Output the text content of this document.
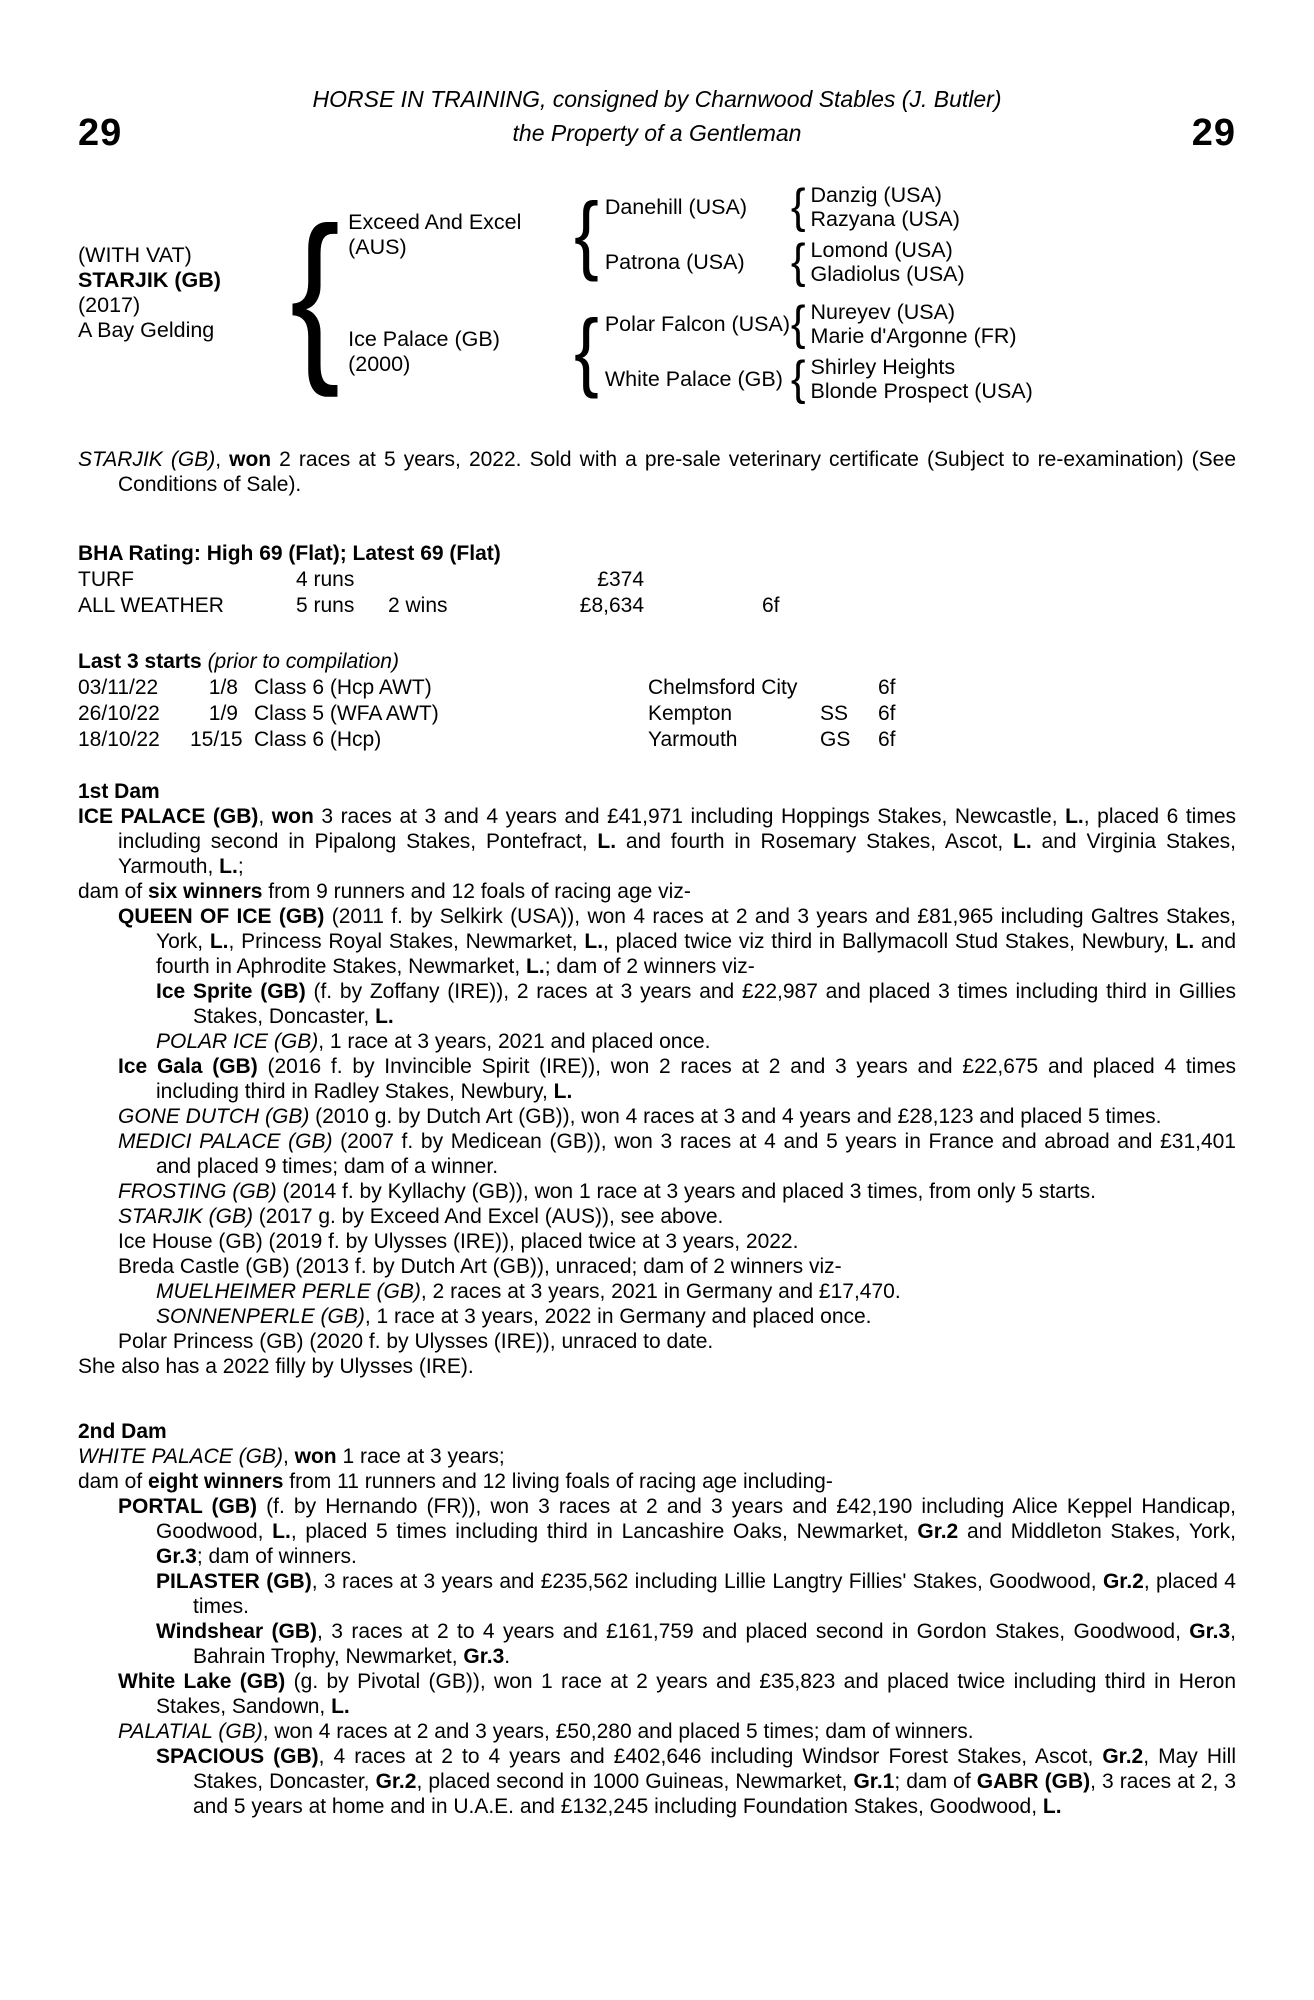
HORSE IN TRAINING, consigned by Charnwood Stables (J. Butler)
29	the Property of a Gentleman	29
(WITH VAT)
STARJIK (GB)
(2017)
A Bay Gelding { Exceed And Excel (AUS)	{ Danehill (USA) { Danzig (USA)
Razyana (USA)
Patrona (USA)	{ Lomond (USA)
Gladiolus (USA)
Ice Palace (GB)
(2000)	{ Polar Falcon (USA) { Nureyev (USA)
Marie d'Argonne (FR)
White Palace (GB) { Shirley Heights
Blonde Prospect (USA)
STARJIK (GB), won 2 races at 5 years, 2022. Sold with a pre-sale veterinary certificate (Subject to re-examination) (See Conditions of Sale).
BHA Rating: High 69 (Flat); Latest 69 (Flat)
TURF	4 runs	£374
ALL WEATHER	5 runs	2 wins	£8,634	6f
Last 3 starts (prior to compilation)
03/11/22	1/8 Class 6 (Hcp AWT)	Chelmsford City	6f
26/10/22	1/9 Class 5 (WFA AWT)	Kempton	SS	6f
18/10/22	15/15 Class 6 (Hcp)	Yarmouth	GS	6f
1st Dam
ICE PALACE (GB), won 3 races at 3 and 4 years and £41,971 including Hoppings Stakes, Newcastle, L., placed 6 times including second in Pipalong Stakes, Pontefract, L. and fourth in Rosemary Stakes, Ascot, L. and Virginia Stakes, Yarmouth, L.;
dam of six winners from 9 runners and 12 foals of racing age viz-
QUEEN OF ICE (GB) (2011 f. by Selkirk (USA)), won 4 races at 2 and 3 years and £81,965 including Galtres Stakes, York, L., Princess Royal Stakes, Newmarket, L., placed twice viz third in Ballymacoll Stud Stakes, Newbury, L. and fourth in Aphrodite Stakes, Newmarket, L.; dam of 2 winners viz-
Ice Sprite (GB) (f. by Zoffany (IRE)), 2 races at 3 years and £22,987 and placed 3 times including third in Gillies Stakes, Doncaster, L.
POLAR ICE (GB), 1 race at 3 years, 2021 and placed once.
Ice Gala (GB) (2016 f. by Invincible Spirit (IRE)), won 2 races at 2 and 3 years and £22,675 and placed 4 times including third in Radley Stakes, Newbury, L.
GONE DUTCH (GB) (2010 g. by Dutch Art (GB)), won 4 races at 3 and 4 years and £28,123 and placed 5 times.
MEDICI PALACE (GB) (2007 f. by Medicean (GB)), won 3 races at 4 and 5 years in France and abroad and £31,401 and placed 9 times; dam of a winner.
FROSTING (GB) (2014 f. by Kyllachy (GB)), won 1 race at 3 years and placed 3 times, from only 5 starts.
STARJIK (GB) (2017 g. by Exceed And Excel (AUS)), see above.
Ice House (GB) (2019 f. by Ulysses (IRE)), placed twice at 3 years, 2022.
Breda Castle (GB) (2013 f. by Dutch Art (GB)), unraced; dam of 2 winners viz-
MUELHEIMER PERLE (GB), 2 races at 3 years, 2021 in Germany and £17,470.
SONNENPERLE (GB), 1 race at 3 years, 2022 in Germany and placed once.
Polar Princess (GB) (2020 f. by Ulysses (IRE)), unraced to date.
She also has a 2022 filly by Ulysses (IRE).
2nd Dam
WHITE PALACE (GB), won 1 race at 3 years;
dam of eight winners from 11 runners and 12 living foals of racing age including-
PORTAL (GB) (f. by Hernando (FR)), won 3 races at 2 and 3 years and £42,190 including Alice Keppel Handicap, Goodwood, L., placed 5 times including third in Lancashire Oaks, Newmarket, Gr.2 and Middleton Stakes, York, Gr.3; dam of winners.
PILASTER (GB), 3 races at 3 years and £235,562 including Lillie Langtry Fillies' Stakes, Goodwood, Gr.2, placed 4 times.
Windshear (GB), 3 races at 2 to 4 years and £161,759 and placed second in Gordon Stakes, Goodwood, Gr.3, Bahrain Trophy, Newmarket, Gr.3.
White Lake (GB) (g. by Pivotal (GB)), won 1 race at 2 years and £35,823 and placed twice including third in Heron Stakes, Sandown, L.
PALATIAL (GB), won 4 races at 2 and 3 years, £50,280 and placed 5 times; dam of winners.
SPACIOUS (GB), 4 races at 2 to 4 years and £402,646 including Windsor Forest Stakes, Ascot, Gr.2, May Hill Stakes, Doncaster, Gr.2, placed second in 1000 Guineas, Newmarket, Gr.1; dam of GABR (GB), 3 races at 2, 3 and 5 years at home and in U.A.E. and £132,245 including Foundation Stakes, Goodwood, L.
